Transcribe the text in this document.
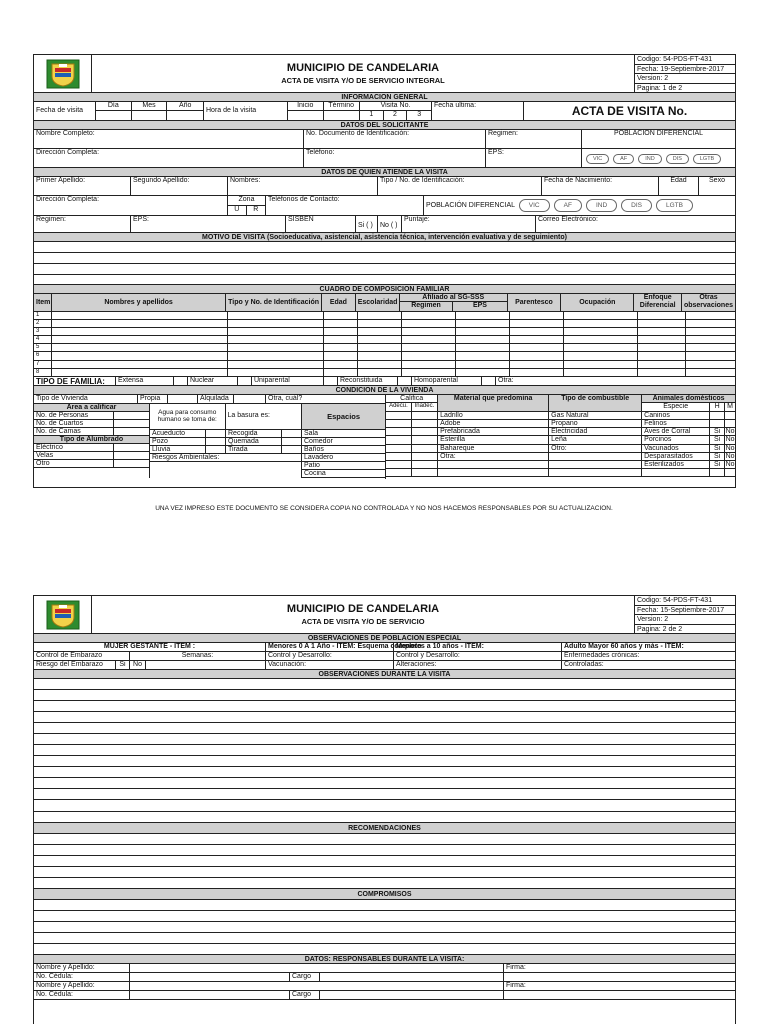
MUNICIPIO DE CANDELARIA
ACTA DE VISITA Y/O DE SERVICIO INTEGRAL
Codigo: 54-PDS-FT-431
Fecha: 19-Septiembre-2017
Version: 2
Pagina: 1 de 2
INFORMACION GENERAL
Fecha de visita
Día	Mes	Año
Hora de la visita
Inicio	Término	Visita No.
1	2	3
Fecha ultima:	ACTA DE VISITA No.
DATOS DEL SOLICITANTE
Nombre Completo:	No. Documento de Identificación:	Regimen:	POBLACION DIFERENCIAL
Dirección Completa:	Teléfono:	EPS:
VIC	AF	IND	DIS	LGTB
DATOS DE QUIEN ATIENDE LA VISITA
Primer Apellido:	Segundo Apellido:	Nombres:	Tipo / No. de Identificación:	Fecha de Nacimiento:	Edad	Sexo
Dirección Completa:	Zona
U	R
Teléfonos de Contacto:
POBLACIÓN DIFERENCIAL VIC	AF	IND	DIS	LGTB
Regimen:	EPS:	SISBEN
Si ( )	No ( )
Puntaje:	Correo Electrónico:
MOTIVO DE VISITA (Socioeducativa, asistencial, asistencia técnica, intervención evaluativa y de seguimiento)
CUADRO DE COMPOSICION FAMILIAR
Item	Nombres y apellidos	Tipo y No. de Identificación	Edad	Escolaridad
Afiliado al SG-SSS
Regimen	EPS	Parentesco	Ocupación
Enfoque Diferencial
Otras observaciones
1
2
3
4
5
6
7
8
TIPO DE FAMILIA:	Extensa	Nuclear	Uniparental	Reconstituida	Homoparental	Otra:
CONDICION DE LA VIVIENDA
Tipo de Vivienda	Propia	Alquilada	Otra, cuál?
Area a calificar
No. de Personas
No. de Cuartos
No. de Camas
Tipo de Alumbrado
Eléctrico
Velas
Otro
Agua para consumo humano se toma de:
La basura es:
Acueducto	Recogida
Pozo	Quemada
Lluvia	Tirada
Riesgos Ambientales:
Espacios
Sala
Comedor
Baños
Lavadero
Patio
Cocina
Califica
Adecu.	Inadec.
Material que predomina	Tipo de combustible	Animales domésticos
Especie	H	M
Ladrillo	Gas Natural	Caninos
Adobe	Propano	Felinos
Prefabricada	Electricidad	Aves de Corral	Si No
Esterilla	Leña	Porcinos	Si No
Bahareque	Otro:	Vacunados	Si No
Otra:	Desparasitados	Si No
Esterilizados	Si No
UNA VEZ IMPRESO ESTE DOCUMENTO SE CONSIDERA COPIA NO CONTROLADA Y NO NOS HACEMOS RESPONSABLES POR SU ACTUALIZACION.
MUNICIPIO DE CANDELARIA
ACTA DE VISITA Y/O DE SERVICIO
Codigo: 54-PDS-FT-431
Fecha: 15-Septiembre-2017
Version: 2
Pagina: 2 de 2
OBSERVACIONES DE POBLACION ESPECIAL
MUJER GESTANTE - ITEM :	Menores 0 A 1 Año - ITEM: Esquema completo
Menores a 10 años - ITEM:	Adulto Mayor 60 años y más - ITEM:
Control de Embarazo	Semanas:	Control y Desarrollo:	Control y Desarrollo:	Enfermedades crónicas:
Riesgo del Embarazo	Si	No	Vacunación:	Alteraciones:	Controladas:
OBSERVACIONES DURANTE LA VISITA
RECOMENDACIONES
COMPROMISOS
DATOS: RESPONSABLES DURANTE LA VISITA:
Nombre y Apellido:	Firma:
No. Cédula:	Cargo
Nombre y Apellido:	Firma:
No. Cédula:	Cargo
